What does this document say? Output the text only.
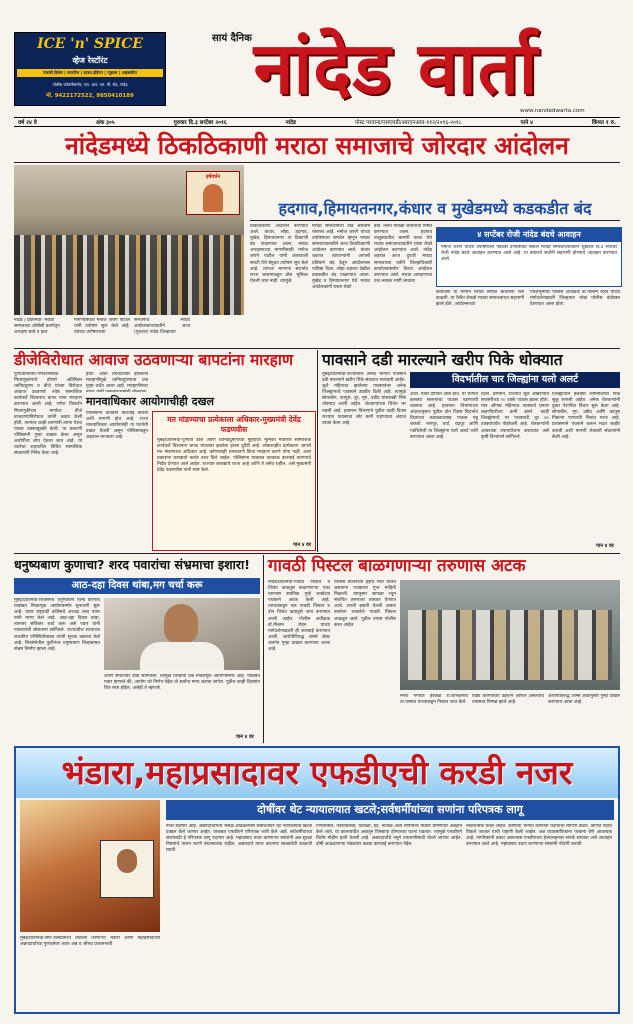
ICE 'n' SPICE
व्हेज रेस्टॉरंट
पंजाबी डिशेस | चायनीज | साउथ इंडियन | न्यूडल्स | आइसक्रीम
पोलीस कॉलनीसमोर, एस. आर. एम. पी. रोड, नांदेड
मो. 9422172522, 9850410189
सायं दैनिक नांदेड वार्ता
www.nandedwarta.com
वर्ष २४ वे	अंक ३०५	गुरुवार दि.३ सप्टेंबर २०१६	नांदेड	पोस्ट परवाना/एसएमडी/आरएनआय-११२/२०१६-२०१८	पाने ४	किंमत १ रु.
नांदेडमध्ये ठिकठिकाणी मराठा समाजाचे जोरदार आंदोलन
हर्षवर्धन
हदगाव,हिमायतनगर,कंधार व मुखेडमध्ये कडकडीत बंद
ठिकठिकाणी आंदोलन करण्यात आले. कंधार, लोहा, हदगाव, मुखेड, हिमायतनगर या ठिकाणी बंद पाळण्यात आला. मराठा आरक्षणाच्या मागणीसाठी मनोज जरांगे पाटील यांनी अंतरवाली सराटी येथे बेमुदत उपोषण सुरु केले आहे. त्यांच्या मागण्या संदर्भात राज्य शासनाकडून ठोस भूमिका घेतली जात नाही. त्यामुळे
मराठा समाजामध्ये तीव्र असंतोष पसरला आहे. मनोज जरांगे यांच्या उपोषणाला समर्थन म्हणून मराठा समाजाच्यावतीने आज ठिकठिकाणी आंदोलन करण्यात आले. कंधार शहरात व्यापाऱ्यांनी आपली प्रतिष्ठाने बंद ठेवून आंदोलनास पाठिंबा दिला. लोहा शहरात देखील कडकडीत बंद पाळण्यात आला. मुखेड व हिमायतनगर येथे मराठा आंदोलकांनी रास्ता रोको
होते. तसेच यावेळी शासनाचा निषेध करण्यात आला. हदगाव तालुक्यातील बामणी फाटा येथे मराठा समाजाच्यावतीने रास्ता रोको आंदोलन करण्यात आले. नांदेड शहरात आज दुपारी मराठा समाजाच्या वतीने जिल्हाधिकारी कार्यालयासमोर ठिय्या आंदोलन करण्यात आले. मराठा आरक्षणाचा प्रश्न लवकर मार्गी लावावा
४ सप्टेंबर रोजी नांदेड बंदचे आवाहन
मनोज जरांगे यांच्या उपोषणाला पाठिंबा देण्यासाठी सकल मराठा समाजाच्यावतीने शुक्रवार दि.४ सप्टेंबर रोजी नांदेड बंदचे आवाहन करण्यात आले आहे. या बंदमध्ये सर्वांनी सहभागी होण्याचे आवाहन करण्यात आले.
कार्यालय या मार्गाने मराठा समाज बांधवांनी रॅली काढली. या रॅलीत शेकडो मराठा समाजबांधव सहभागी झाले होते. आंदोलनाच्या
पार्श्वभूमीवर पोलीस अधीक्षक डॉ.नीलाम रोहन यांच्या मार्गदर्शनाखाली जिल्हयात चोख पोलीस बंदोबस्त ठेवण्यात आला होता.
नांदेड / प्रतिनिधी- मराठा समाजाला ओबीसी प्रवर्गातून आरक्षण द्यावे व इतर
मागण्यासाठी मनोज जरांगे पाटील यांनी उपोषण सुरू केले आहे. त्यांच्या उपोषणाच्या
समर्थनार्थ मराठा आंदोलकांच्यावतीने आज (गुरुवार) नांदेड जिल्हयात
डीजेविरोधात आवाज उठवणाऱ्या बापटांना मारहाण
पुणे/प्रतिनिधी-गणेशोत्सवात मिरवणुकांमध्ये होणारे अतिरिक्त ध्वनिप्रदूषण व डीजे यांच्या विरोधात आवाज उठवणारे ज्येष्ठ सामाजिक कार्यकर्ते विश्वनाथ बापट यांना मारहाण करण्यात आली आहे. गणेश विसर्जन मिरवणुकीच्या मार्गावर डीजे वाजवण्याविरोधात त्यांनी तक्रार केली होती. त्यानंतर काही तरुणांनी त्यांना घेराव घालत धक्काबुक्की केली. या प्रकरणी पोलिसांनी गुन्हा दाखल केला असून आरोपींचा शोध घेतला जात आहे. या घटनेचा शहरातील विविध सामाजिक संघटनांनी निषेध केला आहे.
होता. आता त्यांच्याचवर झालेल्या मारहाणीमुळे ध्वनिप्रदूषणाचा प्रश्न पुन्हा चर्चेत आला आहे. मारहाणीनंतर
मानवाधिकार आयोगाचीही दखल
पोलिसांनी तातडीने कारवाई करावी अशी मागणी होत आहे. राज्य मानवाधिकार आयोगानेही या घटनेची दखल घेतली असून पोलिसांकडून अहवाल मागवला आहे.
मत मांडण्याचा प्रत्येकाला अधिकार-मुख्यमंत्री देवेंद्र फडणवीस
मुंबई/प्रतिनिधी-पुण्यात डीजे आणि ध्वनिप्रदूषणाच्या मुद्दयावर भूमिका मांडणारे सामाजिक कार्यकर्ते विश्वनाथ बापट यांच्यावर झालेला हल्ला दुर्दैवी आहे. लोकशाहीत प्रत्येकाला आपले मत मांडण्याचा अधिकार आहे. कोणालाही धमकावणे किंवा मारहाण करणे योग्य नाही. अशा प्रकारांना कायद्याने कठोर उत्तर दिले जाईल. पोलिसांना याबाबत तात्काळ कारवाई करण्याचे निर्देश देण्यात आले आहेत. राज्यात कायद्याचे राज्य आहे आणि ते तसेच राहील, असे मुख्यमंत्री देवेंद्र फडणवीस यांनी स्पष्ट केले.
पान ४ वर
पावसाने दडी मारल्याने खरीप पिके धोक्यात
मुंबई/प्रतिनिधी-राज्यातील अनेक भागात पावसाने दडी मारल्याने खरीप पिके संकटात सापडली आहेत. जुलै महिन्यात झालेल्या पावसानंतर अनेक जिल्ह्यांमध्ये पावसाने उघडीप दिली आहे. त्यामुळे सोयाबीन, कापूस, तूर, मूग, उडीद यांसारखी पिके धोक्यात आली आहेत. शेतकऱ्यांच्या चिंतेत भर पडली आहे. हवामान विभागाने पुढील काही दिवस राज्यात पावसाचा जोर कमी राहण्याचा अंदाज व्यक्त केला आहे.
विदर्भातील चार जिल्ह्यांना यलो अलर्ट
आले. यावर देण्यात आले होते. या भागात हलक्या स्वरूपाचा पाऊस पडण्याची शक्यता आहे. हवामान विभागाच्या अंदाजानुसार पुढील दोन दिवस विदर्भात विजांच्या कडकडाटासह पाऊस पडू शकतो. नागपूर, वर्धा, चंद्रपूर आणि गडचिरोली या जिल्ह्यांना यलो अलर्ट जारी करण्यात आला आहे.
दिली. दरम्यान, राज्यात जुलै अखेरपर्यंत सरासरीच्या ९० टक्के पाऊस झाला होता. मात्र ऑगस्ट महिन्यात पावसाचे प्रमाण लक्षणीयरीत्या कमी झाले. काही जिल्ह्यांमध्ये तर पावसाची तूट ४० टक्क्यांपर्यंत पोहोचली आहे. शेतकऱ्यांनी आवश्यक उपाययोजना कराव्यात असे कृषी विभागाने सांगितले.
जिल्ह्यातील हलक्या जमिनीवरील पिके सुकू लागली आहेत. अनेक शेतकऱ्यांनी दुबार पेरणीचा विचार सुरू केला आहे. सोयाबीन, मूग, उडीद आणि कापूस पिकांना पाण्याची नितांत गरज आहे. प्रशासनाने पंचनामे करून मदत जाहीर करावी अशी मागणी शेतकरी संघटनांनी केली आहे.
पान ४ वर
धनुष्यबाण कुणाचा? शरद पवारांचा संभ्रमाचा इशारा!
आठ-दहा दिवस थांबा,मग चर्चा करू
मुंबई/प्रतिनिधी-शिवसेनेचे धनुष्यबाण चिन्ह कोणाचे याबाबत निवडणूक आयोगासमोर सुनावणी सुरू आहे. यावर राष्ट्रवादी काँग्रेसचे अध्यक्ष शरद पवार यांनी भाष्य केले आहे. आठ-दहा दिवस थांबा, त्यानंतर सविस्तर चर्चा करू असे पवार यांनी पत्रकारांशी बोलताना सांगितले. राज्यातील सध्याच्या राजकीय परिस्थितीबाबत त्यांनी सूचक वक्तव्य केले आहे. शिवसेनेतील फुटीनंतर धनुष्यबाण चिन्हाबाबत संभ्रम निर्माण झाला आहे.
आणि संघटनेवर दावा सांगितला. त्यामुळे चिन्हाचा प्रश्न निवडणूक आयोगासमोर आहे. याबाबत पवार म्हणाले की, आयोग जो निर्णय घेईल तो सर्वांना मान्य करावा लागेल. पुढील काही दिवसांत चित्र स्पष्ट होईल, असेही ते म्हणाले.
पान ४ वर
गावठी पिस्टल बाळगणाऱ्या तरुणास अटक
नांदेड/प्रतिनिधी-गावठी पिस्टल व जिवंत काडतूस बाळगणाऱ्या एका तरुणास स्थानिक गुन्हे शाखेच्या पथकाने अटक केली आहे. त्याच्याकडून एक गावठी पिस्टल व दोन जिवंत काडतुसे जप्त करण्यात आली आहेत. पोलीस अधीक्षक डॉ.नीलाम रोहन यांच्या मार्गदर्शनाखाली ही कारवाई करण्यात आली. आरोपीविरुद्ध आर्म्स ॲक्ट अंतर्गत गुन्हा दाखल करण्यात आला आहे.
पोलीस स्टेशनच्या हद्दीत गस्त घालत असताना पथकाला गुप्त माहिती मिळाली. त्यानुसार सापळा रचून संशयित तरुणाला ताब्यात घेण्यात आले. त्याची झडती घेतली असता कमरेला लावलेले गावठी पिस्टल आढळून आले. पुढील तपास पोलीस करत आहेत.
नगेश गंगाधर हरकळे रा.बाभळगाव ता.वसमत याच्याकडून पिस्टल जप्त केले.
विक्री करण्याच्या उद्देशाने आणले असल्याचे तपासात निष्पन्न झाले आहे.
आरोपीविरुद्ध आर्म्स ॲक्टनुसार गुन्हा दाखल करण्यात आला आहे.
भंडारा,महाप्रसादावर एफडीएची करडी नजर
दोषींवर थेट न्यायालयात खटले;सर्वधर्मीयांच्या सणांना परिपत्रक लागू
मुंबई/प्रतिनिधी-सण-उत्सवांमध्ये वाटल्या जाणाऱ्या भंडारा आणि महाप्रसादाच्या अन्नपदार्थांच्या गुणवत्तेवर आता अन्न व औषध प्रशासनाची
नजर राहणार आहे. अन्नपदार्थांमध्ये भेसळ आढळल्यास संबंधितांवर थेट न्यायालयात खटले दाखल केले जाणार आहेत. याबाबत एफडीएने परिपत्रक जारी केले आहे. सर्वधर्मीयांच्या सणांसाठी हे परिपत्रक लागू राहणार आहे. महाप्रसाद तयार करणाऱ्या संस्थांनी अन्न सुरक्षा नियमांचे पालन करणे बंधनकारक राहील. अन्नपदार्थ तयार करताना स्वच्छतेची काळजी घ्यावी.
गणेशोत्सव, नवरात्रोत्सव, दिवाळी, ईद, नाताळ अशा सणांमध्ये मोठ्या प्रमाणावर अन्नदान केले जाते. या कालावधीत अन्नातून विषबाधा होण्याच्या घटना घडतात. त्यामुळे एफडीएने विशेष मोहीम हाती घेतली आहे. अन्नपदार्थांचे नमुने तपासणीसाठी घेतले जाणार आहेत. दोषी आढळणाऱ्या मंडळांवर कडक कारवाई करण्यात येईल.
नकारात्मक घेतले आहेत. कोणत्या भागात कोणत्या पदार्थांची मागणी वाढते, कोणते पदार्थ विकले जातात याची पाहणी केली जाईल. अन्न व्यावसायिकांना परवाना घेणे आवश्यक आहे. नागरिकांनी तक्रार असल्यास एफडीएच्या हेल्पलाइनवर संपर्क साधावा असे आवाहन करण्यात आले आहे. महाप्रसाद वाटप करणाऱ्या संस्थांनी नोंदणी करावी.
